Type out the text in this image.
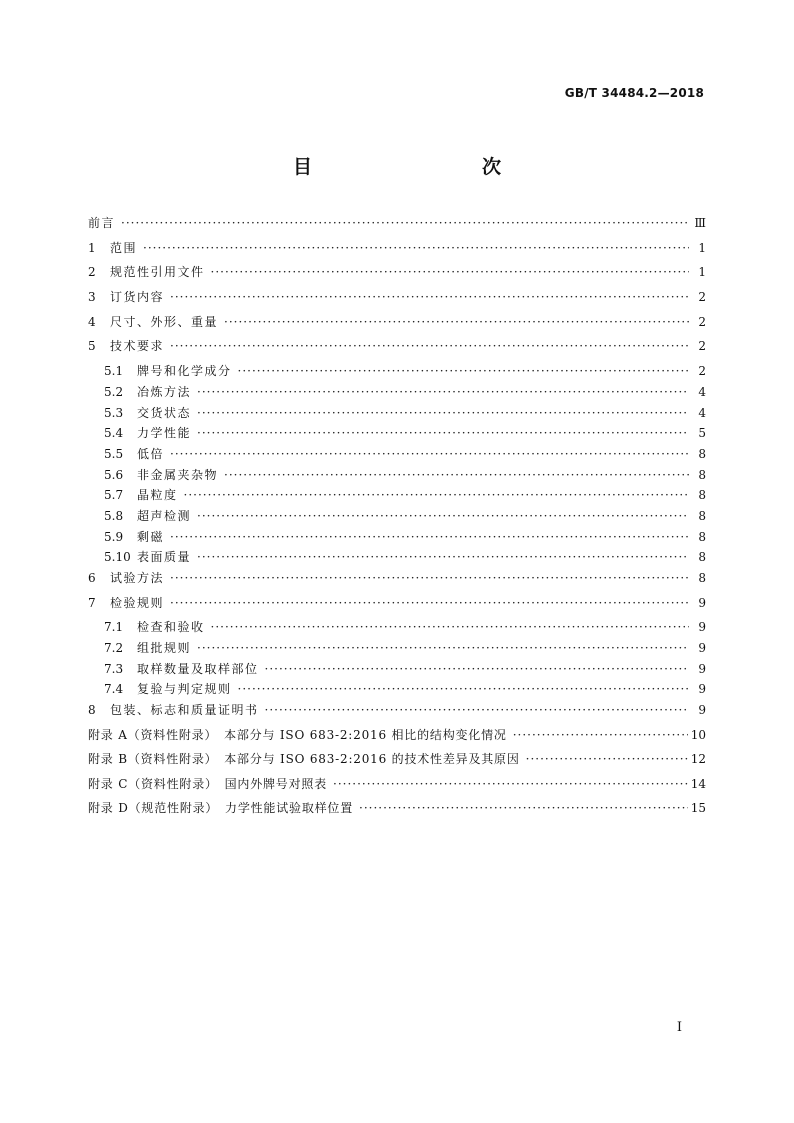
GB/T 34484.2—2018
目　　次
前言 ·····	Ⅲ
1	范围 ·····	1
2	规范性引用文件 ·····	1
3	订货内容 ·····	2
4	尺寸、外形、重量 ·····	2
5	技术要求 ·····	2
5.1	牌号和化学成分 ·····	2
5.2	冶炼方法 ·····	4
5.3	交货状态 ·····	4
5.4	力学性能 ·····	5
5.5	低倍 ·····	8
5.6	非金属夹杂物 ·····	8
5.7	晶粒度 ·····	8
5.8	超声检测 ·····	8
5.9	剩磁 ·····	8
5.10 表面质量 ·····	8
6	试验方法 ·····	8
7	检验规则 ·····	9
7.1	检查和验收 ·····	9
7.2	组批规则 ·····	9
7.3	取样数量及取样部位 ·····	9
7.4	复验与判定规则 ·····	9
8	包装、标志和质量证明书 ·····	9
附录 A（资料性附录）　本部分与 ISO 683-2:2016 相比的结构变化情况 ·····	10
附录 B（资料性附录）　本部分与 ISO 683-2:2016 的技术性差异及其原因 ·····	12
附录 C（资料性附录）　国内外牌号对照表 ·····	14
附录 D（规范性附录）　力学性能试验取样位置 ·····	15
I
